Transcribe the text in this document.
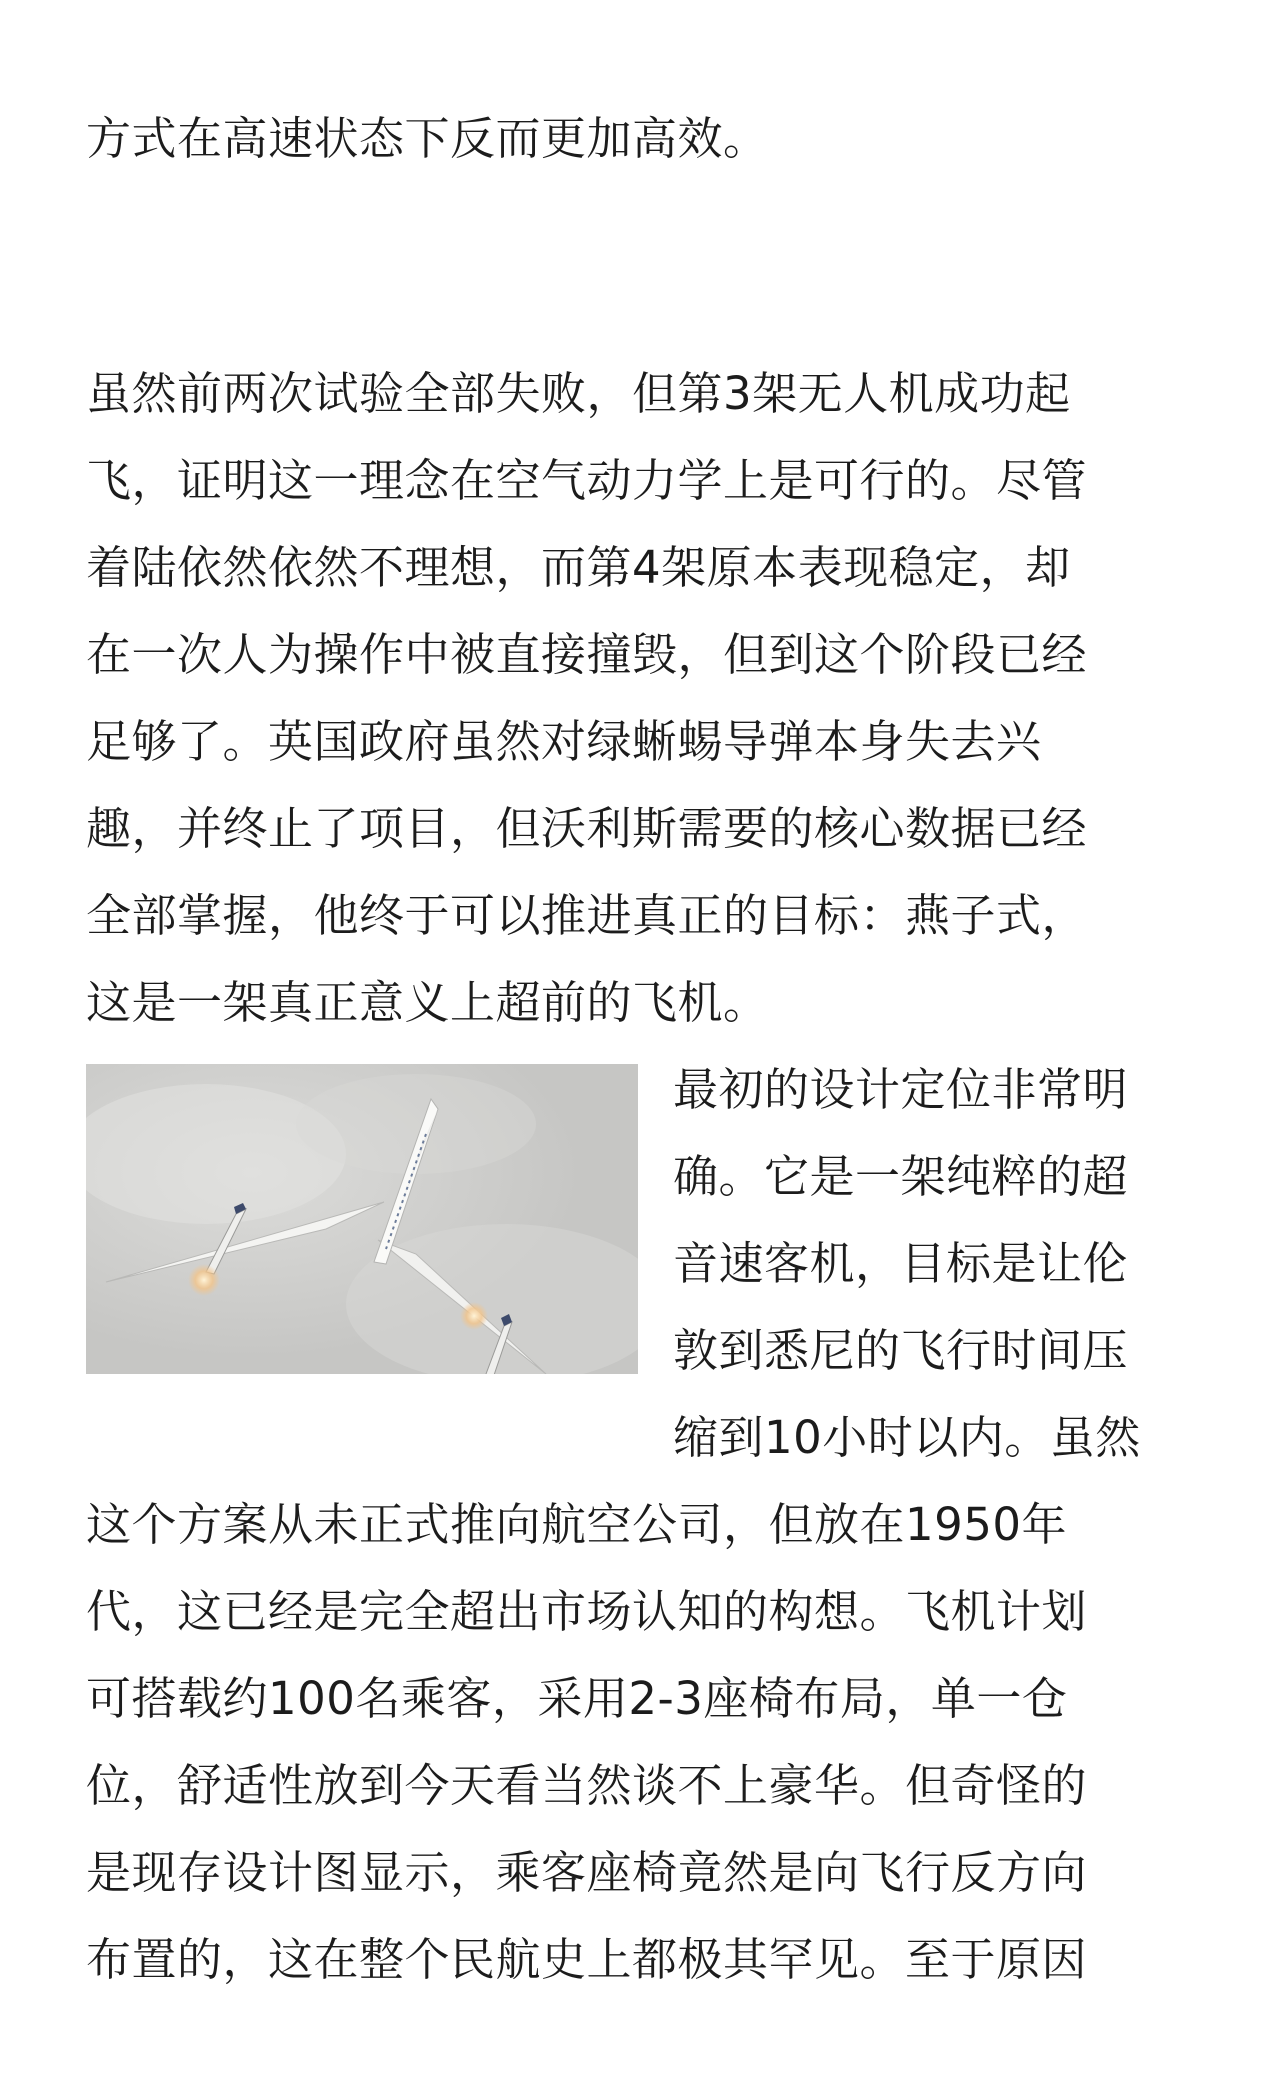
方式在高速状态下反而更加高效。
虽然前两次试验全部失败，但第3架无人机成功起
飞，证明这一理念在空气动力学上是可行的。尽管
着陆依然依然不理想，而第4架原本表现稳定，却
在一次人为操作中被直接撞毁，但到这个阶段已经
足够了。英国政府虽然对绿蜥蜴导弹本身失去兴
趣，并终止了项目，但沃利斯需要的核心数据已经
全部掌握，他终于可以推进真正的目标：燕子式，
这是一架真正意义上超前的飞机。
最初的设计定位非常明
确。它是一架纯粹的超
音速客机，目标是让伦
敦到悉尼的飞行时间压
缩到10小时以内。虽然
这个方案从未正式推向航空公司，但放在1950年
代，这已经是完全超出市场认知的构想。飞机计划
可搭载约100名乘客，采用2-3座椅布局，单一仓
位，舒适性放到今天看当然谈不上豪华。但奇怪的
是现存设计图显示，乘客座椅竟然是向飞行反方向
布置的，这在整个民航史上都极其罕见。至于原因
